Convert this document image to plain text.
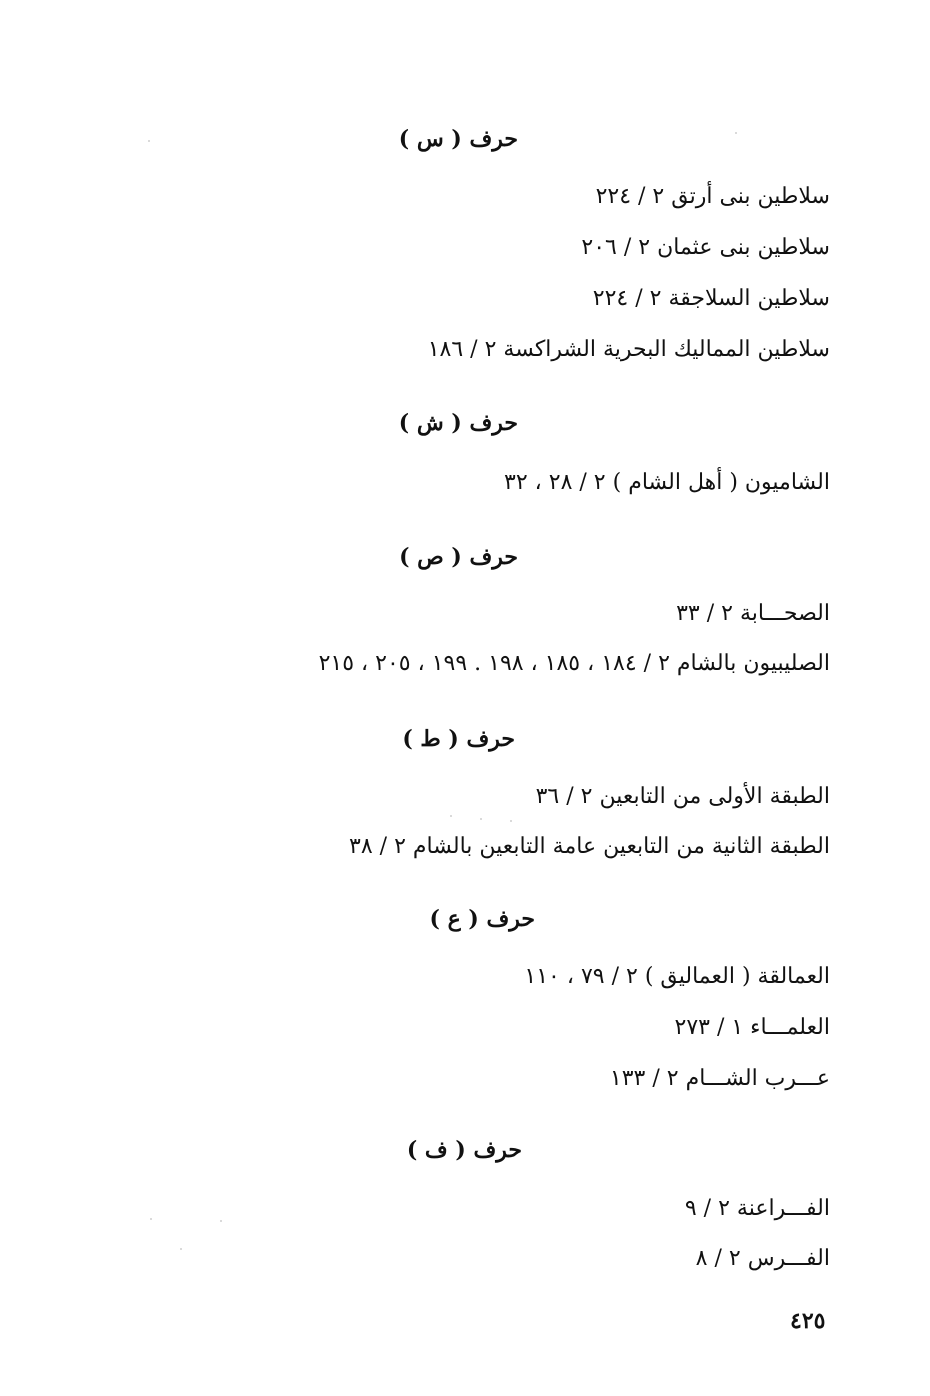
حرف ( س )
سلاطين بنى أرتق ٢ / ٢٢٤
سلاطين بنى عثمان ٢ / ٢٠٦
سلاطين السلاجقة ٢ / ٢٢٤
سلاطين المماليك البحرية الشراكسة ٢ / ١٨٦
حرف ( ش )
الشاميون ( أهل الشام ) ٢ / ٢٨ ، ٣٢
حرف ( ص )
الصحـــابة ٢ / ٣٣
الصليبيون بالشام ٢ / ١٨٤ ، ١٨٥ ، ١٩٨ . ١٩٩ ، ٢٠٥ ، ٢١٥
حرف ( ط )
الطبقة الأولى من التابعين ٢ / ٣٦
الطبقة الثانية من التابعين عامة التابعين بالشام ٢ / ٣٨
حرف ( ع )
العمالقة ( العماليق ) ٢ / ٧٩ ، ١١٠
العلمـــاء ١ / ٢٧٣
عـــرب الشـــام ٢ / ١٣٣
حرف ( ف )
الفـــراعنة ٢ / ٩
الفـــرس ٢ / ٨
٤٢٥
